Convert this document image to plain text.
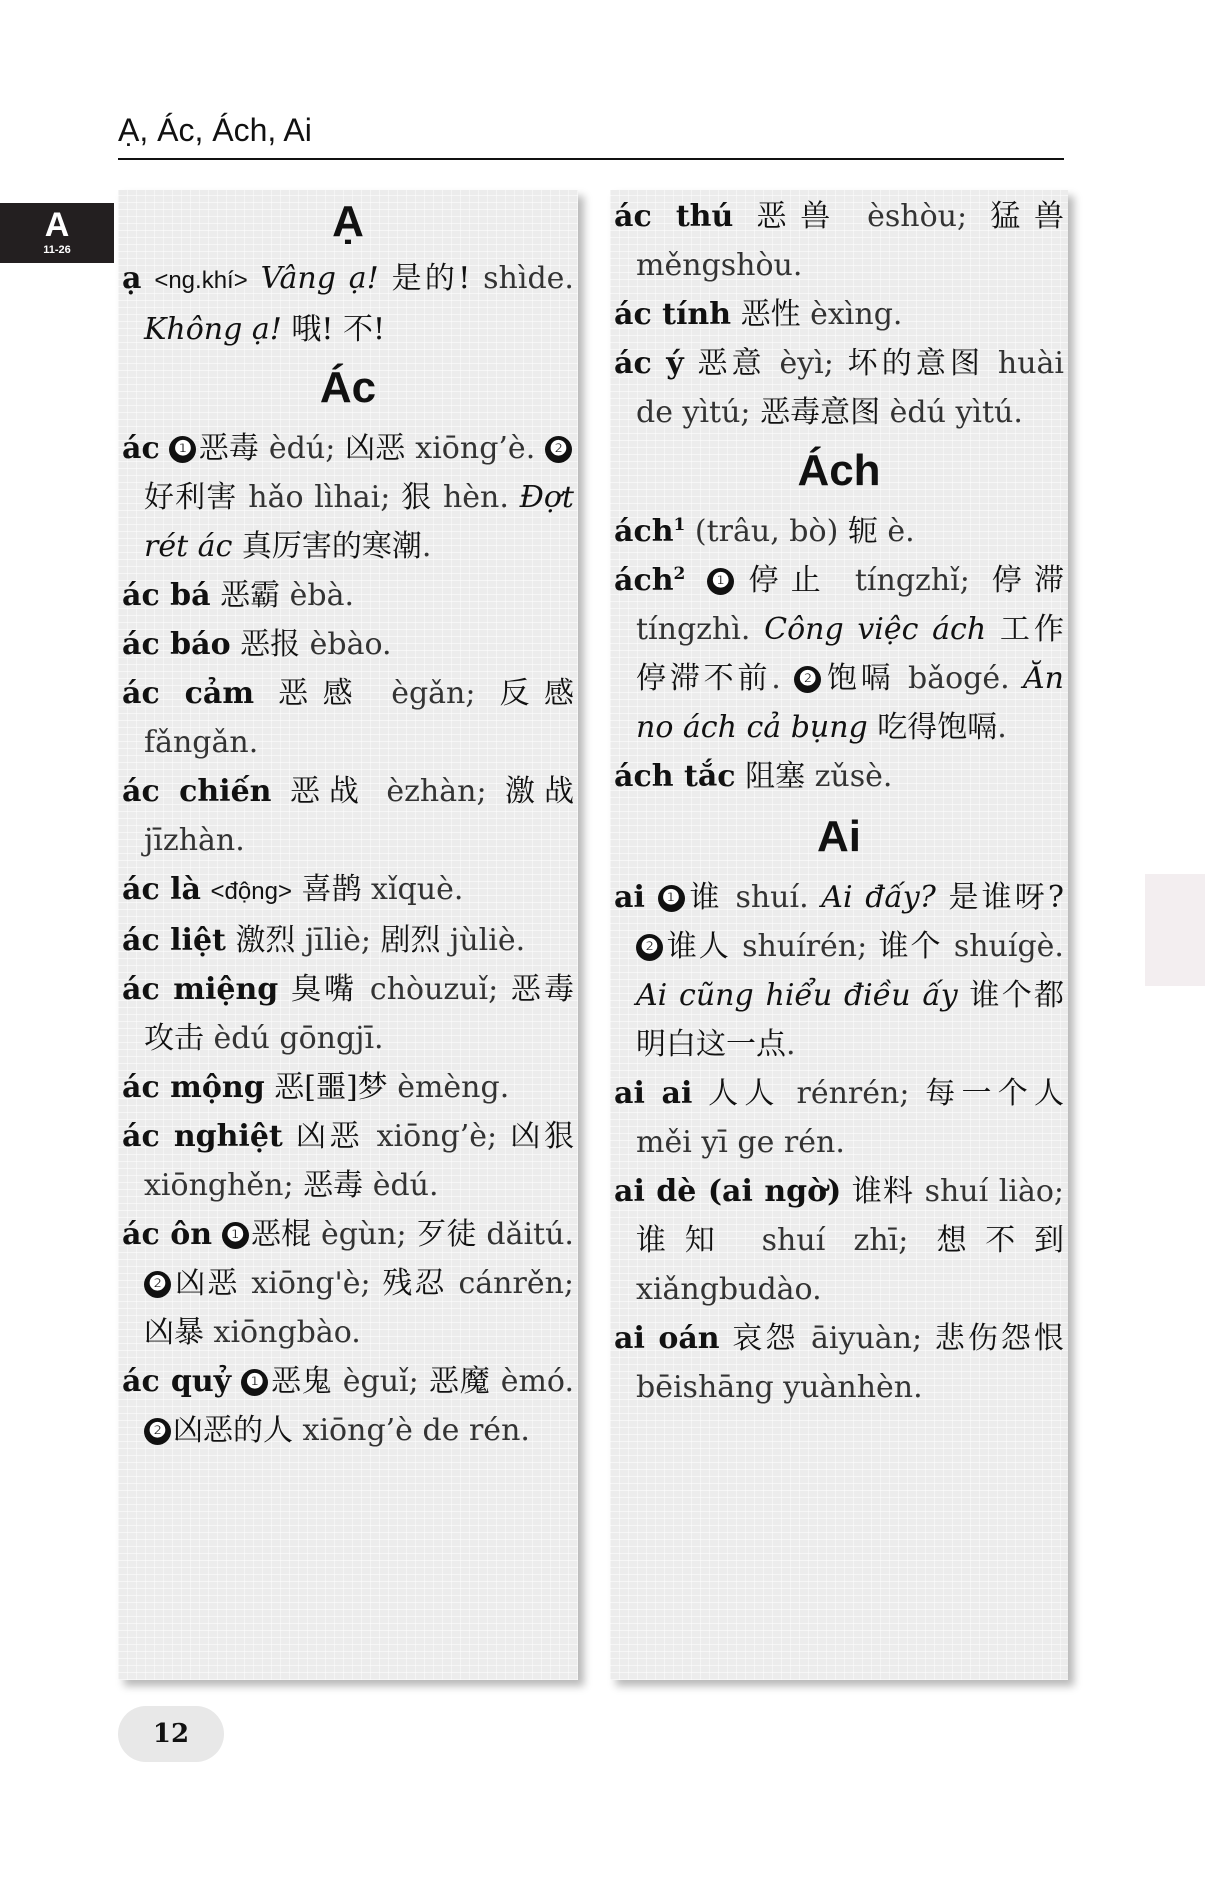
Ạ, Ác, Ách, Ai
A
11-26
Ạ

ạ <ng.khí> Vâng ạ! 是的! shìde. Không ạ! 哦! 不!

Ác

ác ❶ 恶毒 èdú; 凶恶 xiōng’è. ❷好利害 hǎo lìhai; 狠 hèn. Đợt rét ác 真厉害的寒潮.

ác bá 恶霸 èbà.

ác báo 恶报 èbào.

ác cảm 恶感 ègǎn; 反感 fǎngǎn.

ác chiến 恶战 èzhàn; 激战 jīzhàn.

ác là <động> 喜鹊 xǐquè.

ác liệt 激烈 jīliè; 剧烈 jùliè.

ác miệng 臭嘴 chòuzuǐ; 恶毒攻击 èdú gōngjī.

ác mộng 恶[噩]梦 èmèng.

ác nghiệt 凶恶 xiōng’è; 凶狠 xiōnghěn; 恶毒 èdú.

ác ôn ❶ 恶棍 ègùn; 歹徒 dǎitú. ❷ 凶恶 xiōng'è; 残忍 cánrěn; 凶暴 xiōngbào.

ác quỷ ❶ 恶鬼 èguǐ; 恶魔 èmó. ❷ 凶恶的人 xiōng’è de rén.

ác thú 恶兽 èshòu; 猛兽 měngshòu.

ác tính 恶性 èxìng.

ác ý 恶意 èyì; 坏的意图 huài de yìtú; 恶毒意图 èdú yìtú.

Ách

ách$^1$ (trâu, bò) 轭 è.

ách$^2$ ❶ 停止 tíngzhǐ; 停滞 tíngzhì. Công việc ách 工作停滞不前. ❷ 饱嗝 bǎogé. Ăn no ách cả bụng 吃得饱嗝.

ách tắc 阻塞 zǔsè.

Ai

ai ❶ 谁 shuí. Ai đấy? 是谁呀? ❷ 谁人 shuírén; 谁个 shuígè. Ai cũng hiểu điều ấy 谁个都明白这一点.

ai ai 人人 rénrén; 每一个人 měi yī ge rén.

ai dè (ai ngờ) 谁料 shuí liào; 谁知 shuí zhī; 想不到 xiǎngbudào.

ai oán 哀怨 āiyuàn; 悲伤怨恨 bēishāng yuànhèn.

12
